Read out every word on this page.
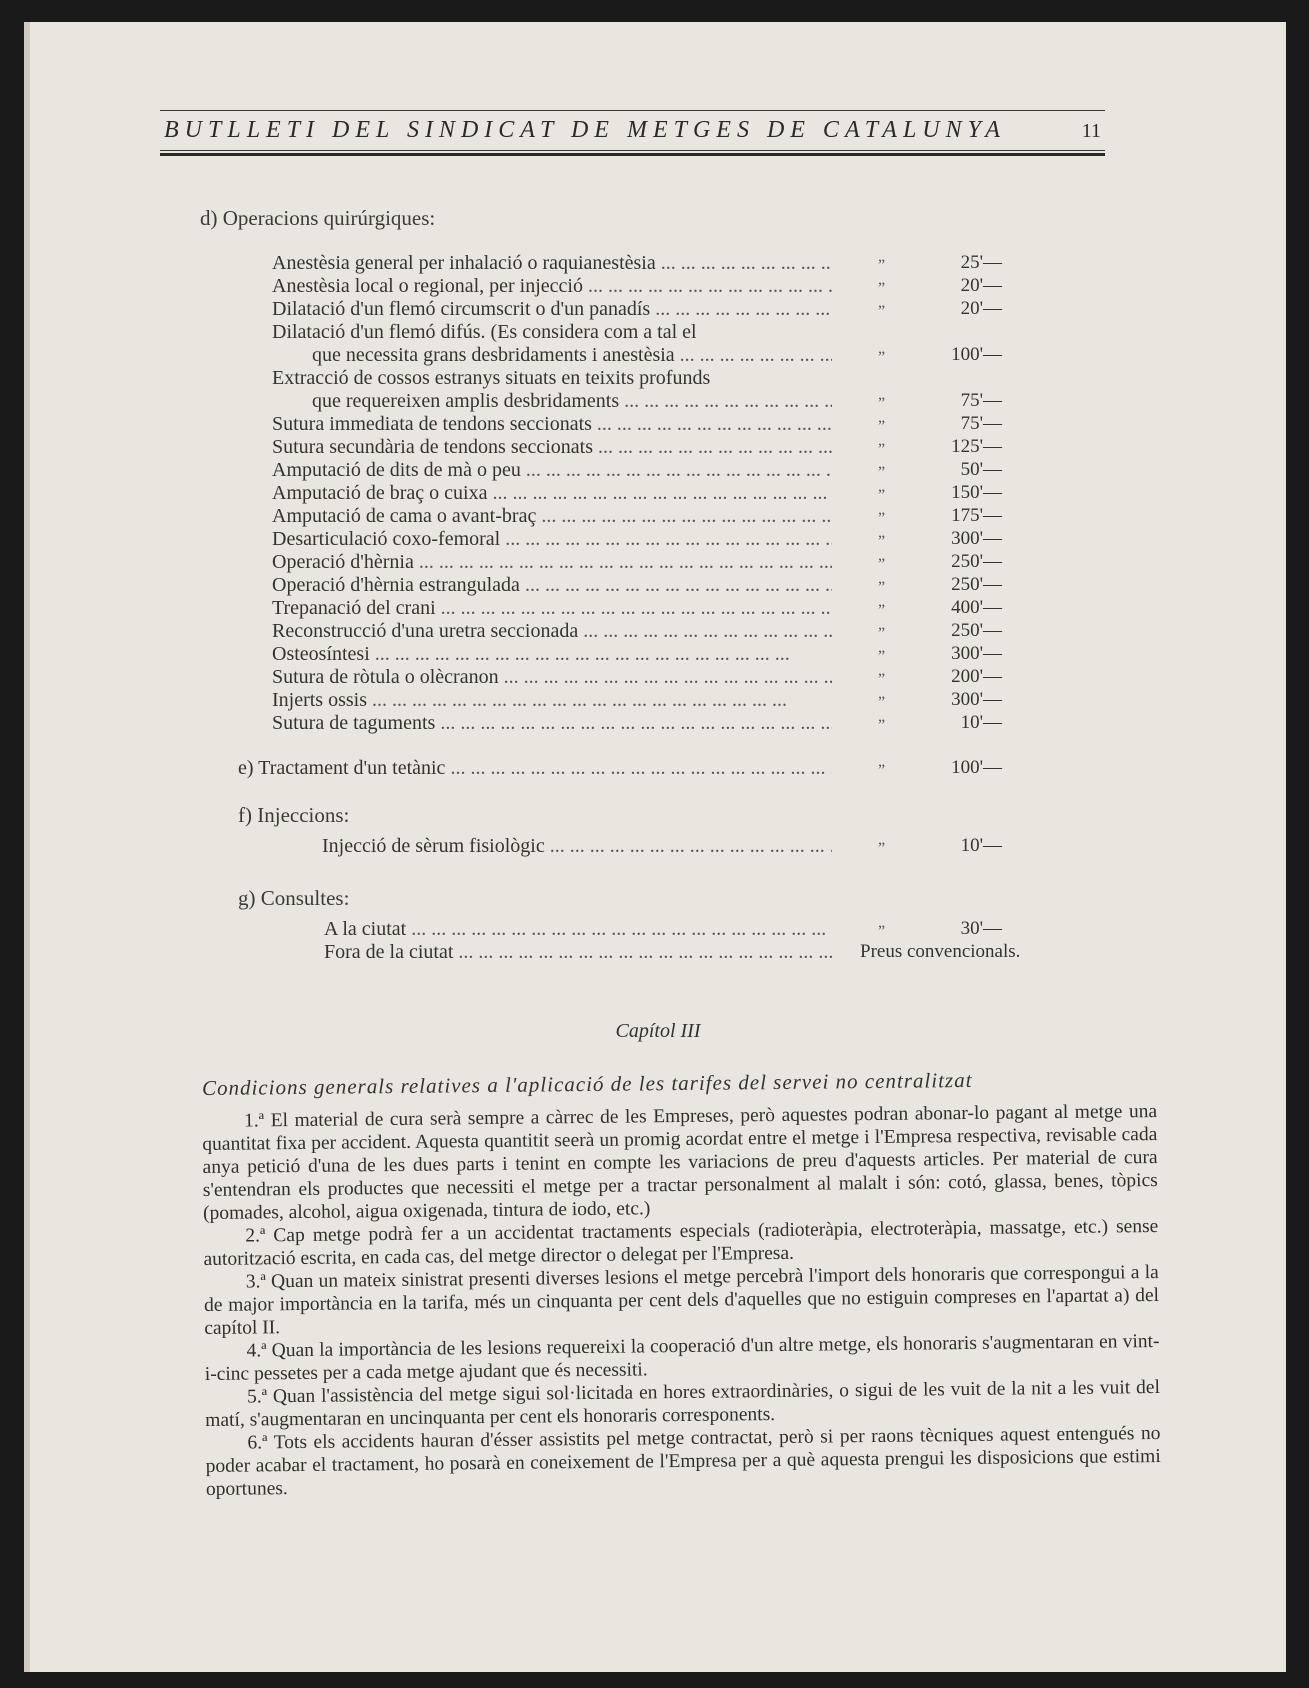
BUTLLETI DEL SINDICAT DE METGES DE CATALUNYA	11
d) Operacions quirúrgiques:
Anestèsia general per inhalació o raquianestèsia ... .	„	25'—
Anestèsia local o regional, per injecció ... .	„	20'—
Dilatació d'un flemó circumscrit o d'un panadís ... .	„	20'—
Dilatació d'un flemó difús. (Es considera com a tal el
que necessita grans desbridaments i anestèsia ... .	„	100'—
Extracció de cossos estranys situats en teixits profunds
que requereixen amplis desbridaments ... .	„	75'—
Sutura immediata de tendons seccionats ... .	„	75'—
Sutura secundària de tendons seccionats ... .	„	125'—
Amputació de dits de mà o peu ... .	„	50'—
Amputació de braç o cuixa ... .	„	150'—
Amputació de cama o avant-braç ... .	„	175'—
Desarticulació coxo-femoral ... .	„	300'—
Operació d'hèrnia ... .	„	250'—
Operació d'hèrnia estrangulada ... .	„	250'—
Trepanació del crani ... .	„	400'—
Reconstrucció d'una uretra seccionada ... .	„	250'—
Osteosíntesi ... .	„	300'—
Sutura de ròtula o olècranon ... .	„	200'—
Injerts ossis ... .	„	300'—
Sutura de taguments ... .	„	10'—
e) Tractament d'un tetànic ... .	„	100'—
f) Injeccions:
Injecció de sèrum fisiològic ... .	„	10'—
g) Consultes:
A la ciutat ... .	„	30'—
Fora de la ciutat ... .	Preus convencionals.
Capítol III
Condicions generals relatives a l'aplicació de les tarifes del servei no centralitzat

1.ª El material de cura serà sempre a càrrec de les Empreses, però aquestes podran abonar-lo pagant al metge una quantitat fixa per accident. Aquesta quantitit seerà un promig acordat entre el metge i l'Empresa respectiva, revisable cada anya petició d'una de les dues parts i tenint en compte les variacions de preu d'aquests articles. Per material de cura s'entendran els productes que necessiti el metge per a tractar personalment al malalt i són: cotó, glassa, benes, tòpics (pomades, alcohol, aigua oxigenada, tintura de iodo, etc.)

2.ª Cap metge podrà fer a un accidentat tractaments especials (radioteràpia, electroteràpia, massatge, etc.) sense autorització escrita, en cada cas, del metge director o delegat per l'Empresa.

3.ª Quan un mateix sinistrat presenti diverses lesions el metge percebrà l'import dels honoraris que correspongui a la de major importància en la tarifa, més un cinquanta per cent dels d'aquelles que no estiguin compreses en l'apartat a) del capítol II.

4.ª Quan la importància de les lesions requereixi la cooperació d'un altre metge, els honoraris s'augmentaran en vint-i-cinc pessetes per a cada metge ajudant que és necessiti.

5.ª Quan l'assistència del metge sigui sol·licitada en hores extraordinàries, o sigui de les vuit de la nit a les vuit del matí, s'augmentaran en uncinquanta per cent els honoraris corresponents.

6.ª Tots els accidents hauran d'ésser assistits pel metge contractat, però si per raons tècniques aquest entengués no poder acabar el tractament, ho posarà en coneixement de l'Empresa per a què aquesta prengui les disposicions que estimi oportunes.
